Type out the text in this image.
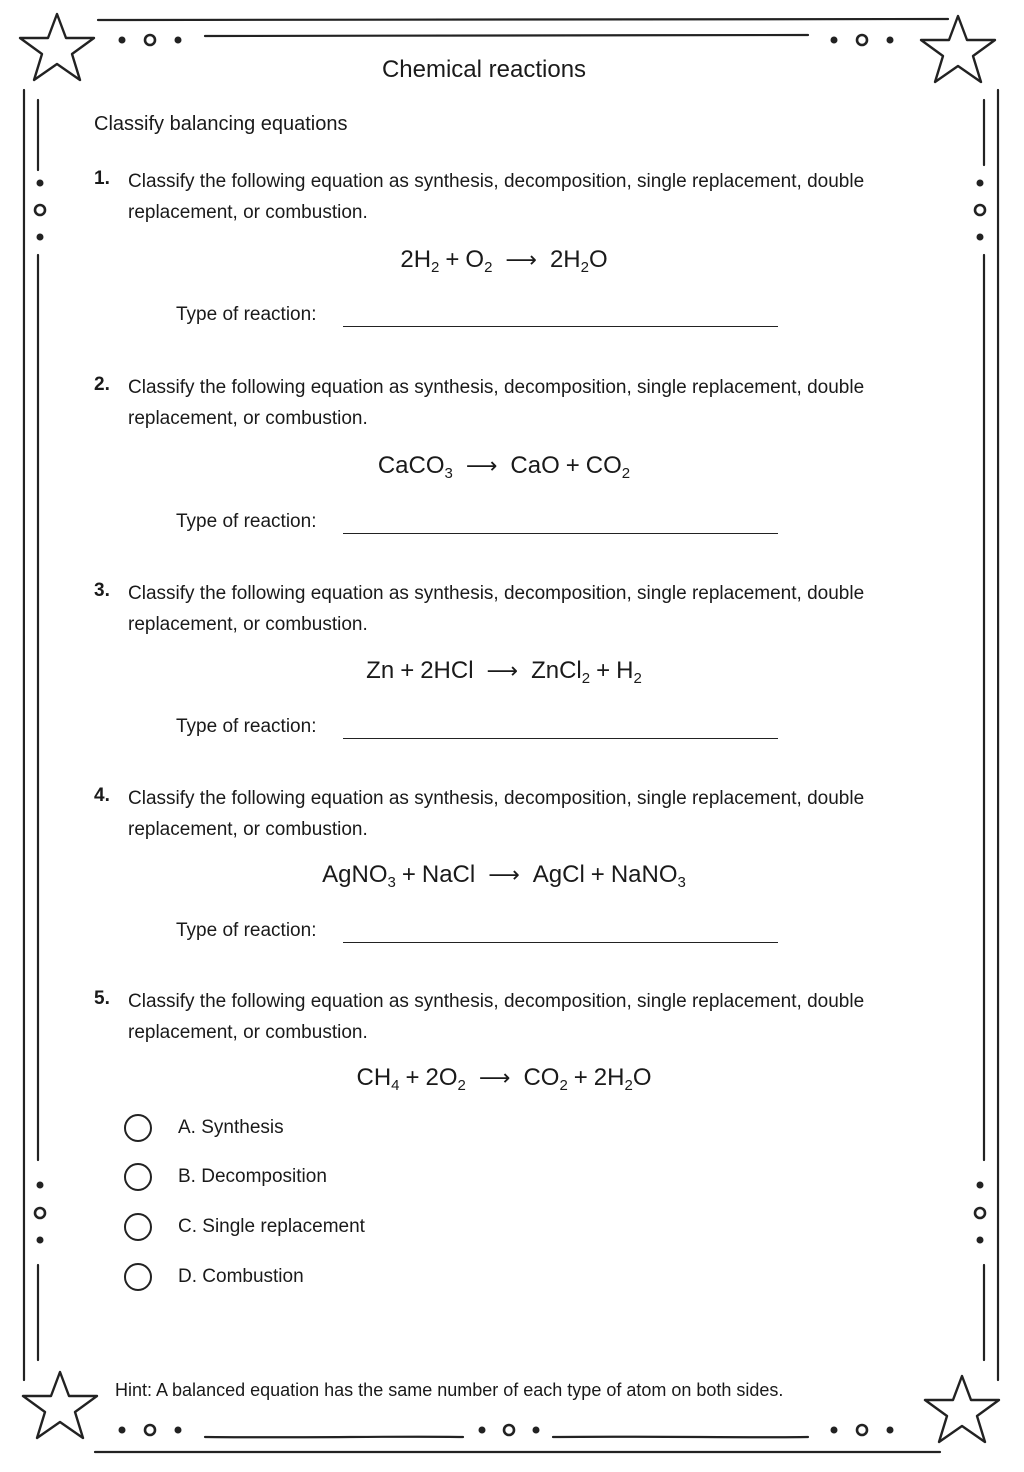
Chemical reactions
Classify balancing equations
1. Classify the following equation as synthesis, decomposition, single replacement, double replacement, or combustion.
$2H_2 + O_2$ ⟶ $2H_2O$
Type of reaction:
2. Classify the following equation as synthesis, decomposition, single replacement, double replacement, or combustion.
CaCO$_3$ ⟶ CaO + $CO_2$
Type of reaction:
3. Classify the following equation as synthesis, decomposition, single replacement, double replacement, or combustion.
Zn + 2HCl ⟶ ZnCl$_2$ + $H_2$
Type of reaction:
4. Classify the following equation as synthesis, decomposition, single replacement, double replacement, or combustion.
AgNO$_3$ + NaCl ⟶ AgCl + NaNO$_3$
Type of reaction:
5. Classify the following equation as synthesis, decomposition, single replacement, double replacement, or combustion.
$CH_4 + 2O_2$ ⟶ $CO_2 + 2H_2O$
A. Synthesis
B. Decomposition
C. Single replacement
D. Combustion
Hint: A balanced equation has the same number of each type of atom on both sides.
